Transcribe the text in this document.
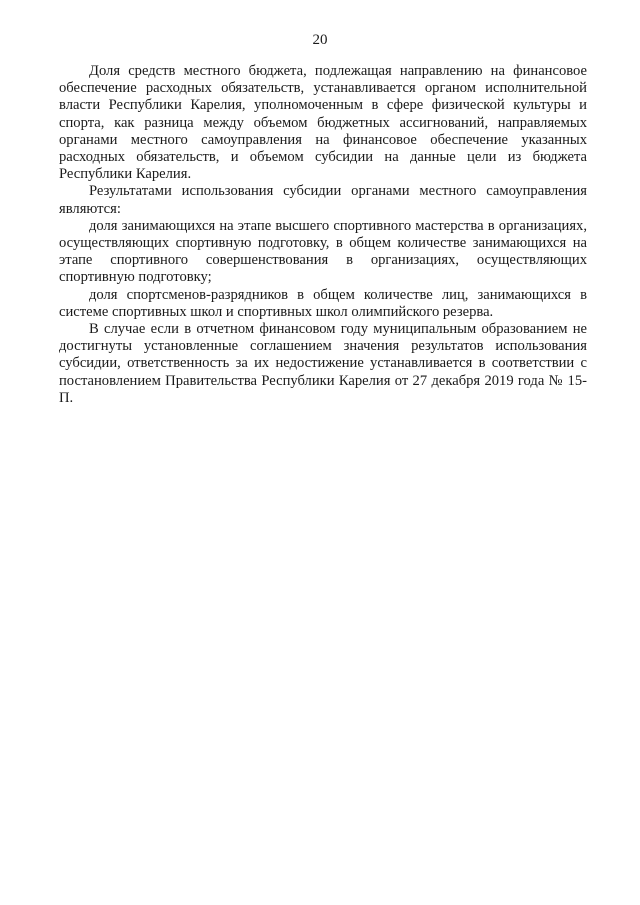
20

Доля средств местного бюджета, подлежащая направлению на финансовое обеспечение расходных обязательств, устанавливается органом исполнительной власти Республики Карелия, уполномоченным в сфере физической культуры и спорта, как разница между объемом бюджетных ассигнований, направляемых органами местного самоуправления на финансовое обеспечение указанных расходных обязательств, и объемом субсидии на данные цели из бюджета Республики Карелия.

Результатами использования субсидии органами местного самоуправления являются:

доля занимающихся на этапе высшего спортивного мастерства в организациях, осуществляющих спортивную подготовку, в общем количестве занимающихся на этапе спортивного совершенствования в организациях, осуществляющих спортивную подготовку;

доля спортсменов-разрядников в общем количестве лиц, занимающихся в системе спортивных школ и спортивных школ олимпийского резерва.

В случае если в отчетном финансовом году муниципальным образованием не достигнуты установленные соглашением значения результатов использования субсидии, ответственность за их недостижение устанавливается в соответствии с постановлением Правительства Республики Карелия от 27 декабря 2019 года № 15-П.
